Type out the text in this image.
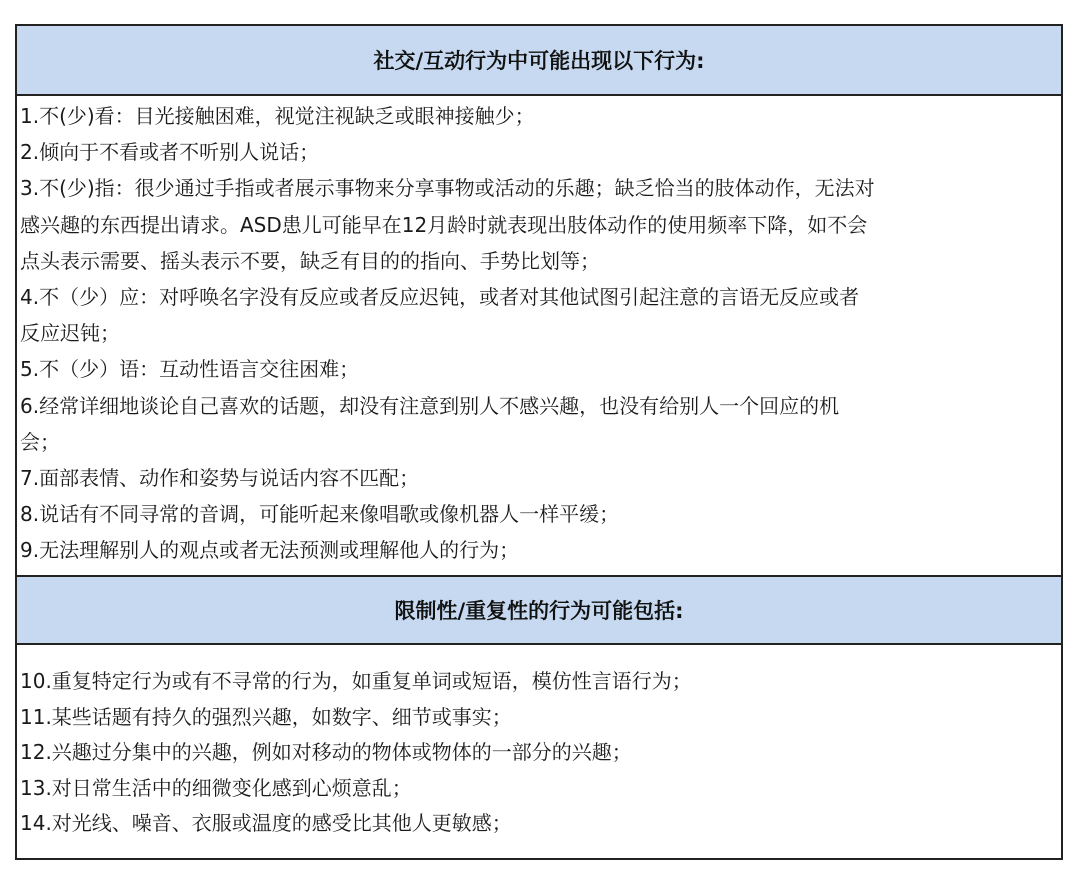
社交/互动行为中可能出现以下行为:
1.不(少)看：目光接触困难，视觉注视缺乏或眼神接触少；
2.倾向于不看或者不听别人说话；
3.不(少)指：很少通过手指或者展示事物来分享事物或活动的乐趣；缺乏恰当的肢体动作，无法对
感兴趣的东西提出请求。ASD患儿可能早在12月龄时就表现出肢体动作的使用频率下降，如不会
点头表示需要、摇头表示不要，缺乏有目的的指向、手势比划等；
4.不（少）应：对呼唤名字没有反应或者反应迟钝，或者对其他试图引起注意的言语无反应或者
反应迟钝；
5.不（少）语：互动性语言交往困难；
6.经常详细地谈论自己喜欢的话题，却没有注意到别人不感兴趣，也没有给别人一个回应的机
会；
7.面部表情、动作和姿势与说话内容不匹配；
8.说话有不同寻常的音调，可能听起来像唱歌或像机器人一样平缓；
9.无法理解别人的观点或者无法预测或理解他人的行为；
限制性/重复性的行为可能包括:
10.重复特定行为或有不寻常的行为，如重复单词或短语，模仿性言语行为；
11.某些话题有持久的强烈兴趣，如数字、细节或事实；
12.兴趣过分集中的兴趣，例如对移动的物体或物体的一部分的兴趣；
13.对日常生活中的细微变化感到心烦意乱；
14.对光线、噪音、衣服或温度的感受比其他人更敏感；
